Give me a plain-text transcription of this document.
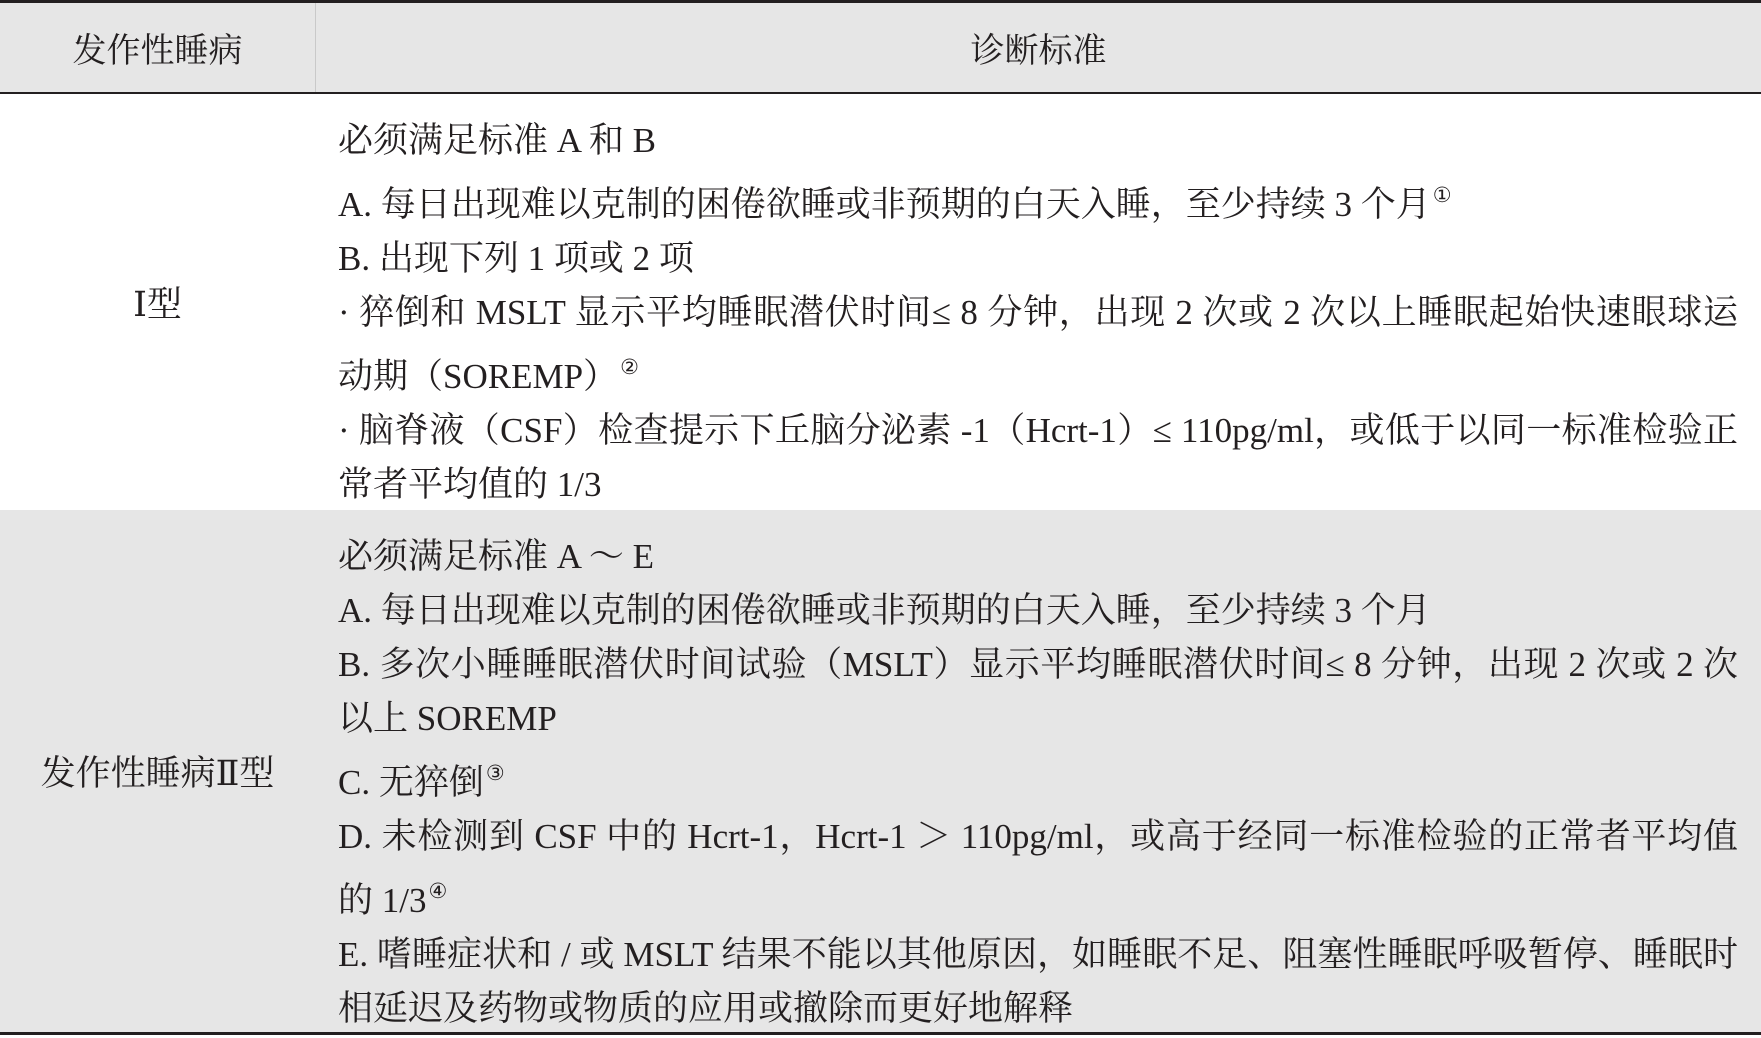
发作性睡病	诊断标准
Ⅰ型
必须满足标准 A 和 B
A. 每日出现难以克制的困倦欲睡或非预期的白天入睡，至少持续 3 个月①
B. 出现下列 1 项或 2 项
· 猝倒和 MSLT 显示平均睡眠潜伏时间≤ 8 分钟，出现 2 次或 2 次以上睡眠起始快速眼球运动期（SOREMP）②
· 脑脊液（CSF）检查提示下丘脑分泌素 -1（Hcrt-1）≤ 110pg/ml，或低于以同一标准检验正常者平均值的 1/3
发作性睡病Ⅱ型
必须满足标准 A ～ E
A. 每日出现难以克制的困倦欲睡或非预期的白天入睡，至少持续 3 个月
B. 多次小睡睡眠潜伏时间试验（MSLT）显示平均睡眠潜伏时间≤ 8 分钟，出现 2 次或 2 次以上 SOREMP
C. 无猝倒③
D. 未检测到 CSF 中的 Hcrt-1，Hcrt-1 ＞ 110pg/ml，或高于经同一标准检验的正常者平均值的 1/3④
E. 嗜睡症状和 / 或 MSLT 结果不能以其他原因，如睡眠不足、阻塞性睡眠呼吸暂停、睡眠时相延迟及药物或物质的应用或撤除而更好地解释
